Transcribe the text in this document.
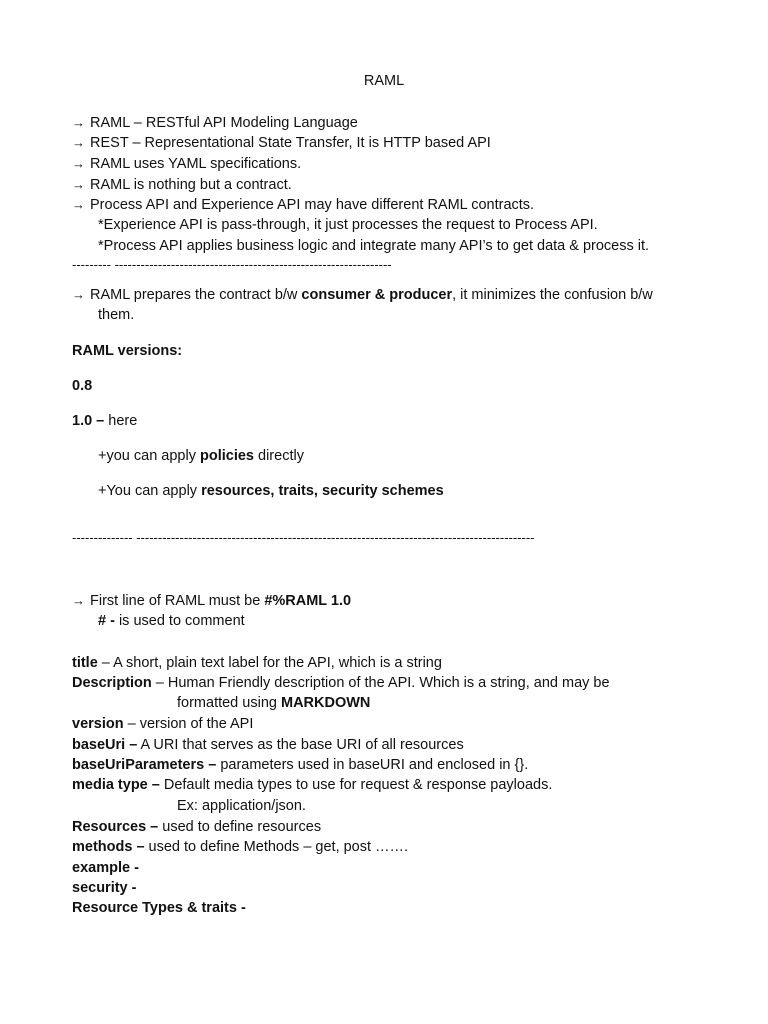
RAML
→ RAML – RESTful API Modeling Language
→ REST – Representational State Transfer, It is HTTP based API
→ RAML uses YAML specifications.
→ RAML is nothing but a contract.
→ Process API and Experience API may have different RAML contracts.
*Experience API is pass-through, it just processes the request to Process API.
*Process API applies business logic and integrate many API’s to get data & process it.
--------- ----------------------------------------------------------------
→ RAML prepares the contract b/w consumer & producer, it minimizes the confusion b/w
them.
RAML versions:
0.8
1.0 – here
+you can apply policies directly
+You can apply resources, traits, security schemes
-------------- --------------------------------------------------------------------------------------------
→ First line of RAML must be #%RAML 1.0
# - is used to comment
title – A short, plain text label for the API, which is a string
Description – Human Friendly description of the API. Which is a string, and may be
formatted using MARKDOWN
version – version of the API
baseUri – A URI that serves as the base URI of all resources
baseUriParameters – parameters used in baseURI and enclosed in {}.
media type – Default media types to use for request & response payloads.
Ex: application/json.
Resources – used to define resources
methods – used to define Methods – get, post …….
example -
security -
Resource Types & traits -
